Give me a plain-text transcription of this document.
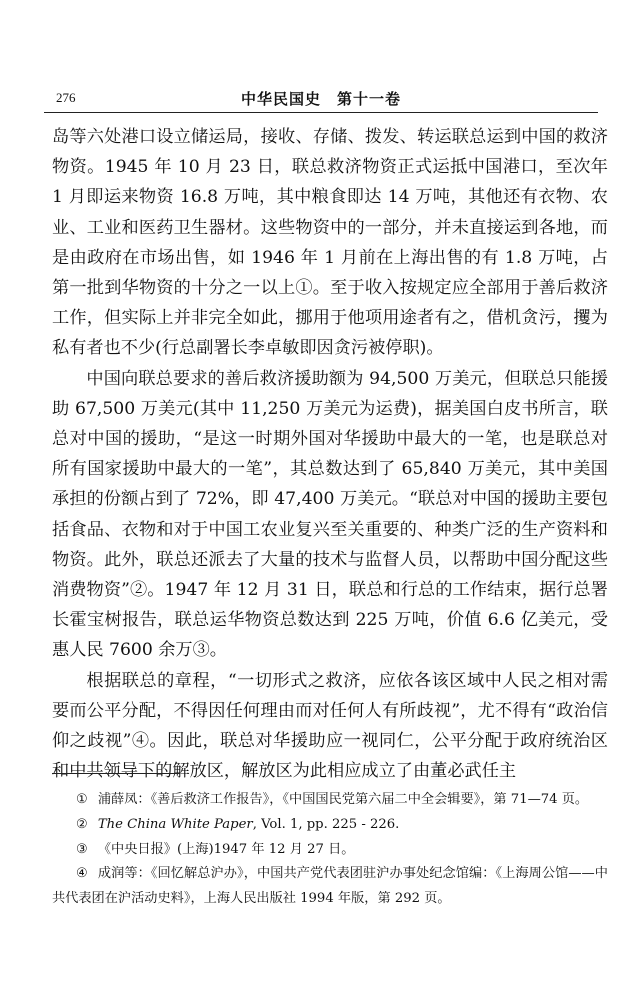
276	中华民国史　第十一卷

岛等六处港口设立储运局，接收、存储、拨发、转运联总运到中国的救济物资。1945 年 10 月 23 日，联总救济物资正式运抵中国港口，至次年 1 月即运来物资 16.8 万吨，其中粮食即达 14 万吨，其他还有衣物、农业、工业和医药卫生器材。这些物资中的一部分，并未直接运到各地，而是由政府在市场出售，如 1946 年 1 月前在上海出售的有 1.8 万吨，占第一批到华物资的十分之一以上①。至于收入按规定应全部用于善后救济工作，但实际上并非完全如此，挪用于他项用途者有之，借机贪污，攫为私有者也不少(行总副署长李卓敏即因贪污被停职)。

中国向联总要求的善后救济援助额为 94,500 万美元，但联总只能援助 67,500 万美元(其中 11,250 万美元为运费)，据美国白皮书所言，联总对中国的援助，“是这一时期外国对华援助中最大的一笔，也是联总对所有国家援助中最大的一笔”，其总数达到了 65,840 万美元，其中美国承担的份额占到了 72%，即 47,400 万美元。“联总对中国的援助主要包括食品、衣物和对于中国工农业复兴至关重要的、种类广泛的生产资料和物资。此外，联总还派去了大量的技术与监督人员，以帮助中国分配这些消费物资”②。1947 年 12 月 31 日，联总和行总的工作结束，据行总署长霍宝树报告，联总运华物资总数达到 225 万吨，价值 6.6 亿美元，受惠人民 7600 余万③。

根据联总的章程，“一切形式之救济，应依各该区域中人民之相对需要而公平分配，不得因任何理由而对任何人有所歧视”，尤不得有“政治信仰之歧视”④。因此，联总对华援助应一视同仁，公平分配于政府统治区和中共领导下的解放区，解放区为此相应成立了由董必武任主

① 浦薛凤：《善后救济工作报告》，《中国国民党第六届二中全会辑要》，第 71—74 页。

② The China White Paper, Vol. 1, pp. 225 - 226.

③ 《中央日报》(上海)1947 年 12 月 27 日。

④ 成润等：《回忆解总沪办》，中国共产党代表团驻沪办事处纪念馆编：《上海周公馆——中共代表团在沪活动史料》，上海人民出版社 1994 年版，第 292 页。
